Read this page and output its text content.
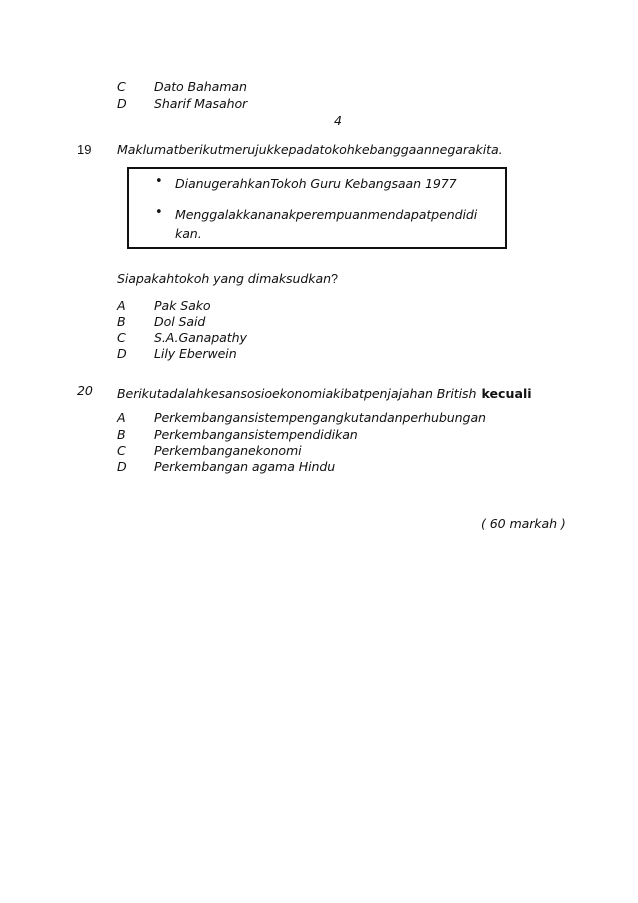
C Dato Bahaman
D Sharif Masahor
4
19 Maklumatberikutmerujukkepadatokohkebanggaannegarakita.
• DianugerahkanTokoh Guru Kebangsaan 1977
• Menggalakkananakperempuanmendapatpendidi
kan.
Siapakahtokoh yang dimaksudkan?
A Pak Sako
B Dol Said
C S.A.Ganapathy
D Lily Eberwein
20 Berikutadalahkesansosioekonomiakibatpenjajahan British kecuali
A Perkembangansistempengangkutandanperhubungan
B Perkembangansistempendidikan
C Perkembanganekonomi
D Perkembangan agama Hindu
( 60 markah )
